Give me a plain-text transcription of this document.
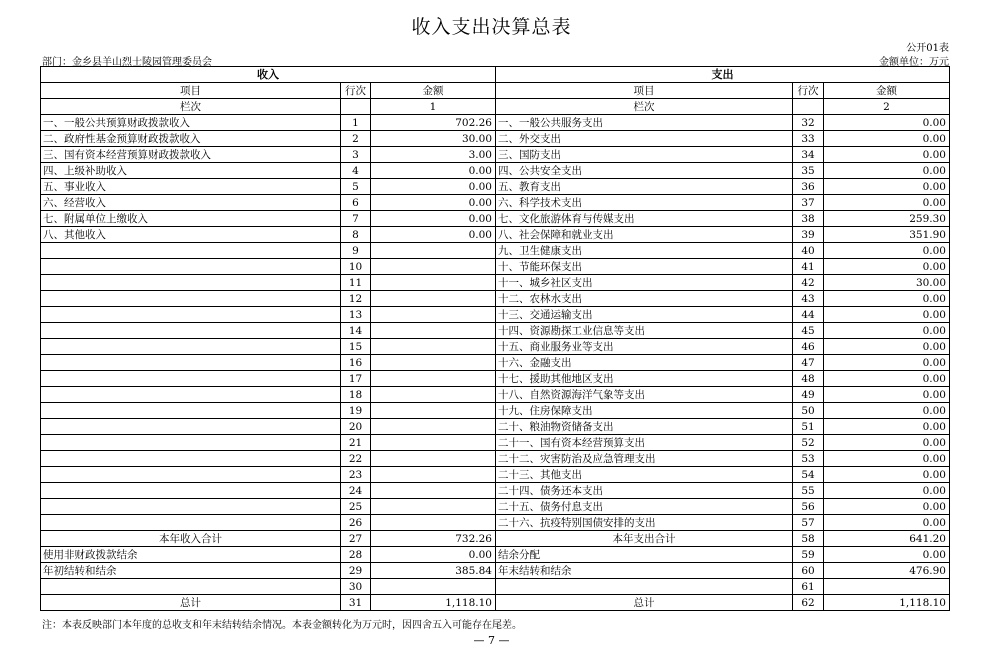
收入支出决算总表
公开01表
部门：金乡县羊山烈士陵园管理委员会	金额单位：万元
收入			支出		
项目	行次	金额	项目	行次	金额
栏次		1	栏次		2
一、一般公共预算财政拨款收入	1	702.26	一、一般公共服务支出	32	0.00
二、政府性基金预算财政拨款收入	2	30.00	二、外交支出	33	0.00
三、国有资本经营预算财政拨款收入	3	3.00	三、国防支出	34	0.00
四、上级补助收入	4	0.00	四、公共安全支出	35	0.00
五、事业收入	5	0.00	五、教育支出	36	0.00
六、经营收入	6	0.00	六、科学技术支出	37	0.00
七、附属单位上缴收入	7	0.00	七、文化旅游体育与传媒支出	38	259.30
八、其他收入	8	0.00	八、社会保障和就业支出	39	351.90
	9		九、卫生健康支出	40	0.00
	10		十、节能环保支出	41	0.00
	11		十一、城乡社区支出	42	30.00
	12		十二、农林水支出	43	0.00
	13		十三、交通运输支出	44	0.00
	14		十四、资源勘探工业信息等支出	45	0.00
	15		十五、商业服务业等支出	46	0.00
	16		十六、金融支出	47	0.00
	17		十七、援助其他地区支出	48	0.00
	18		十八、自然资源海洋气象等支出	49	0.00
	19		十九、住房保障支出	50	0.00
	20		二十、粮油物资储备支出	51	0.00
	21		二十一、国有资本经营预算支出	52	0.00
	22		二十二、灾害防治及应急管理支出	53	0.00
	23		二十三、其他支出	54	0.00
	24		二十四、债务还本支出	55	0.00
	25		二十五、债务付息支出	56	0.00
	26		二十六、抗疫特别国债安排的支出	57	0.00
本年收入合计	27	732.26	本年支出合计	58	641.20
使用非财政拨款结余	28	0.00	结余分配	59	0.00
年初结转和结余	29	385.84	年末结转和结余	60	476.90
	30			61	
总计	31	1,118.10	总计	62	1,118.10
注：本表反映部门本年度的总收支和年末结转结余情况。本表金额转化为万元时，因四舍五入可能存在尾差。
— 7 —
